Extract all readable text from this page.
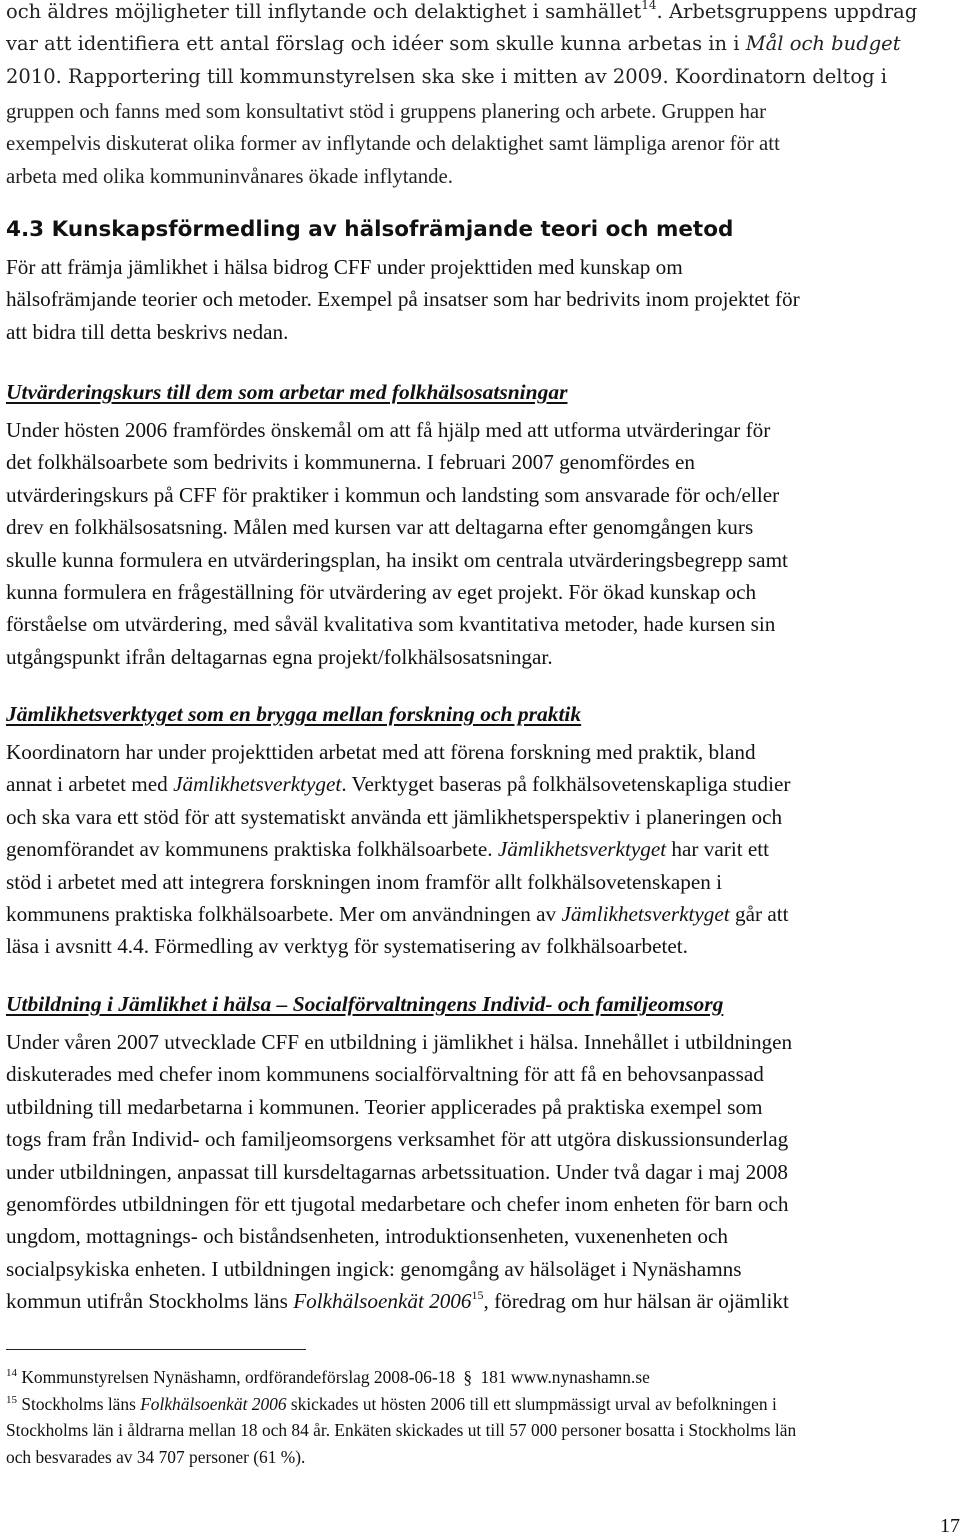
och äldres möjligheter till inflytande och delaktighet i samhället$^{14}$. Arbetsgruppens uppdrag
var att identifiera ett antal förslag och idéer som skulle kunna arbetas in i Mål och budget
2010. Rapportering till kommunstyrelsen ska ske i mitten av 2009. Koordinatorn deltog i
gruppen och fanns med som konsultativt stöd i gruppens planering och arbete. Gruppen har
exempelvis diskuterat olika former av inflytande och delaktighet samt lämpliga arenor för att
arbeta med olika kommuninvånares ökade inflytande.
4.3 Kunskapsförmedling av hälsofrämjande teori och metod
För att främja jämlikhet i hälsa bidrog CFF under projekttiden med kunskap om
hälsofrämjande teorier och metoder. Exempel på insatser som har bedrivits inom projektet för
att bidra till detta beskrivs nedan.
Utvärderingskurs till dem som arbetar med folkhälsosatsningar
Under hösten 2006 framfördes önskemål om att få hjälp med att utforma utvärderingar för
det folkhälsoarbete som bedrivits i kommunerna. I februari 2007 genomfördes en
utvärderingskurs på CFF för praktiker i kommun och landsting som ansvarade för och/eller
drev en folkhälsosatsning. Målen med kursen var att deltagarna efter genomgången kurs
skulle kunna formulera en utvärderingsplan, ha insikt om centrala utvärderingsbegrepp samt
kunna formulera en frågeställning för utvärdering av eget projekt. För ökad kunskap och
förståelse om utvärdering, med såväl kvalitativa som kvantitativa metoder, hade kursen sin
utgångspunkt ifrån deltagarnas egna projekt/folkhälsosatsningar.
Jämlikhetsverktyget som en brygga mellan forskning och praktik
Koordinatorn har under projekttiden arbetat med att förena forskning med praktik, bland
annat i arbetet med Jämlikhetsverktyget. Verktyget baseras på folkhälsovetenskapliga studier
och ska vara ett stöd för att systematiskt använda ett jämlikhetsperspektiv i planeringen och
genomförandet av kommunens praktiska folkhälsoarbete. Jämlikhetsverktyget har varit ett
stöd i arbetet med att integrera forskningen inom framför allt folkhälsovetenskapen i
kommunens praktiska folkhälsoarbete. Mer om användningen av Jämlikhetsverktyget går att
läsa i avsnitt 4.4. Förmedling av verktyg för systematisering av folkhälsoarbetet.
Utbildning i Jämlikhet i hälsa – Socialförvaltningens Individ- och familjeomsorg
Under våren 2007 utvecklade CFF en utbildning i jämlikhet i hälsa. Innehållet i utbildningen
diskuterades med chefer inom kommunens socialförvaltning för att få en behovsanpassad
utbildning till medarbetarna i kommunen. Teorier applicerades på praktiska exempel som
togs fram från Individ- och familjeomsorgens verksamhet för att utgöra diskussionsunderlag
under utbildningen, anpassat till kursdeltagarnas arbetssituation. Under två dagar i maj 2008
genomfördes utbildningen för ett tjugotal medarbetare och chefer inom enheten för barn och
ungdom, mottagnings- och biståndsenheten, introduktionsenheten, vuxenenheten och
socialpsykiska enheten. I utbildningen ingick: genomgång av hälsoläget i Nynäshamns
kommun utifrån Stockholms läns Folkhälsoenkät 2006$^{15}$, föredrag om hur hälsan är ojämlikt
$^{14}$ Kommunstyrelsen Nynäshamn, ordförandeförslag 2008-06-18 § 181 www.nynashamn.se
$^{15}$ Stockholms läns Folkhälsoenkät 2006 skickades ut hösten 2006 till ett slumpmässigt urval av befolkningen i
Stockholms län i åldrarna mellan 18 och 84 år. Enkäten skickades ut till 57 000 personer bosatta i Stockholms län
och besvarades av 34 707 personer (61 %).
17
